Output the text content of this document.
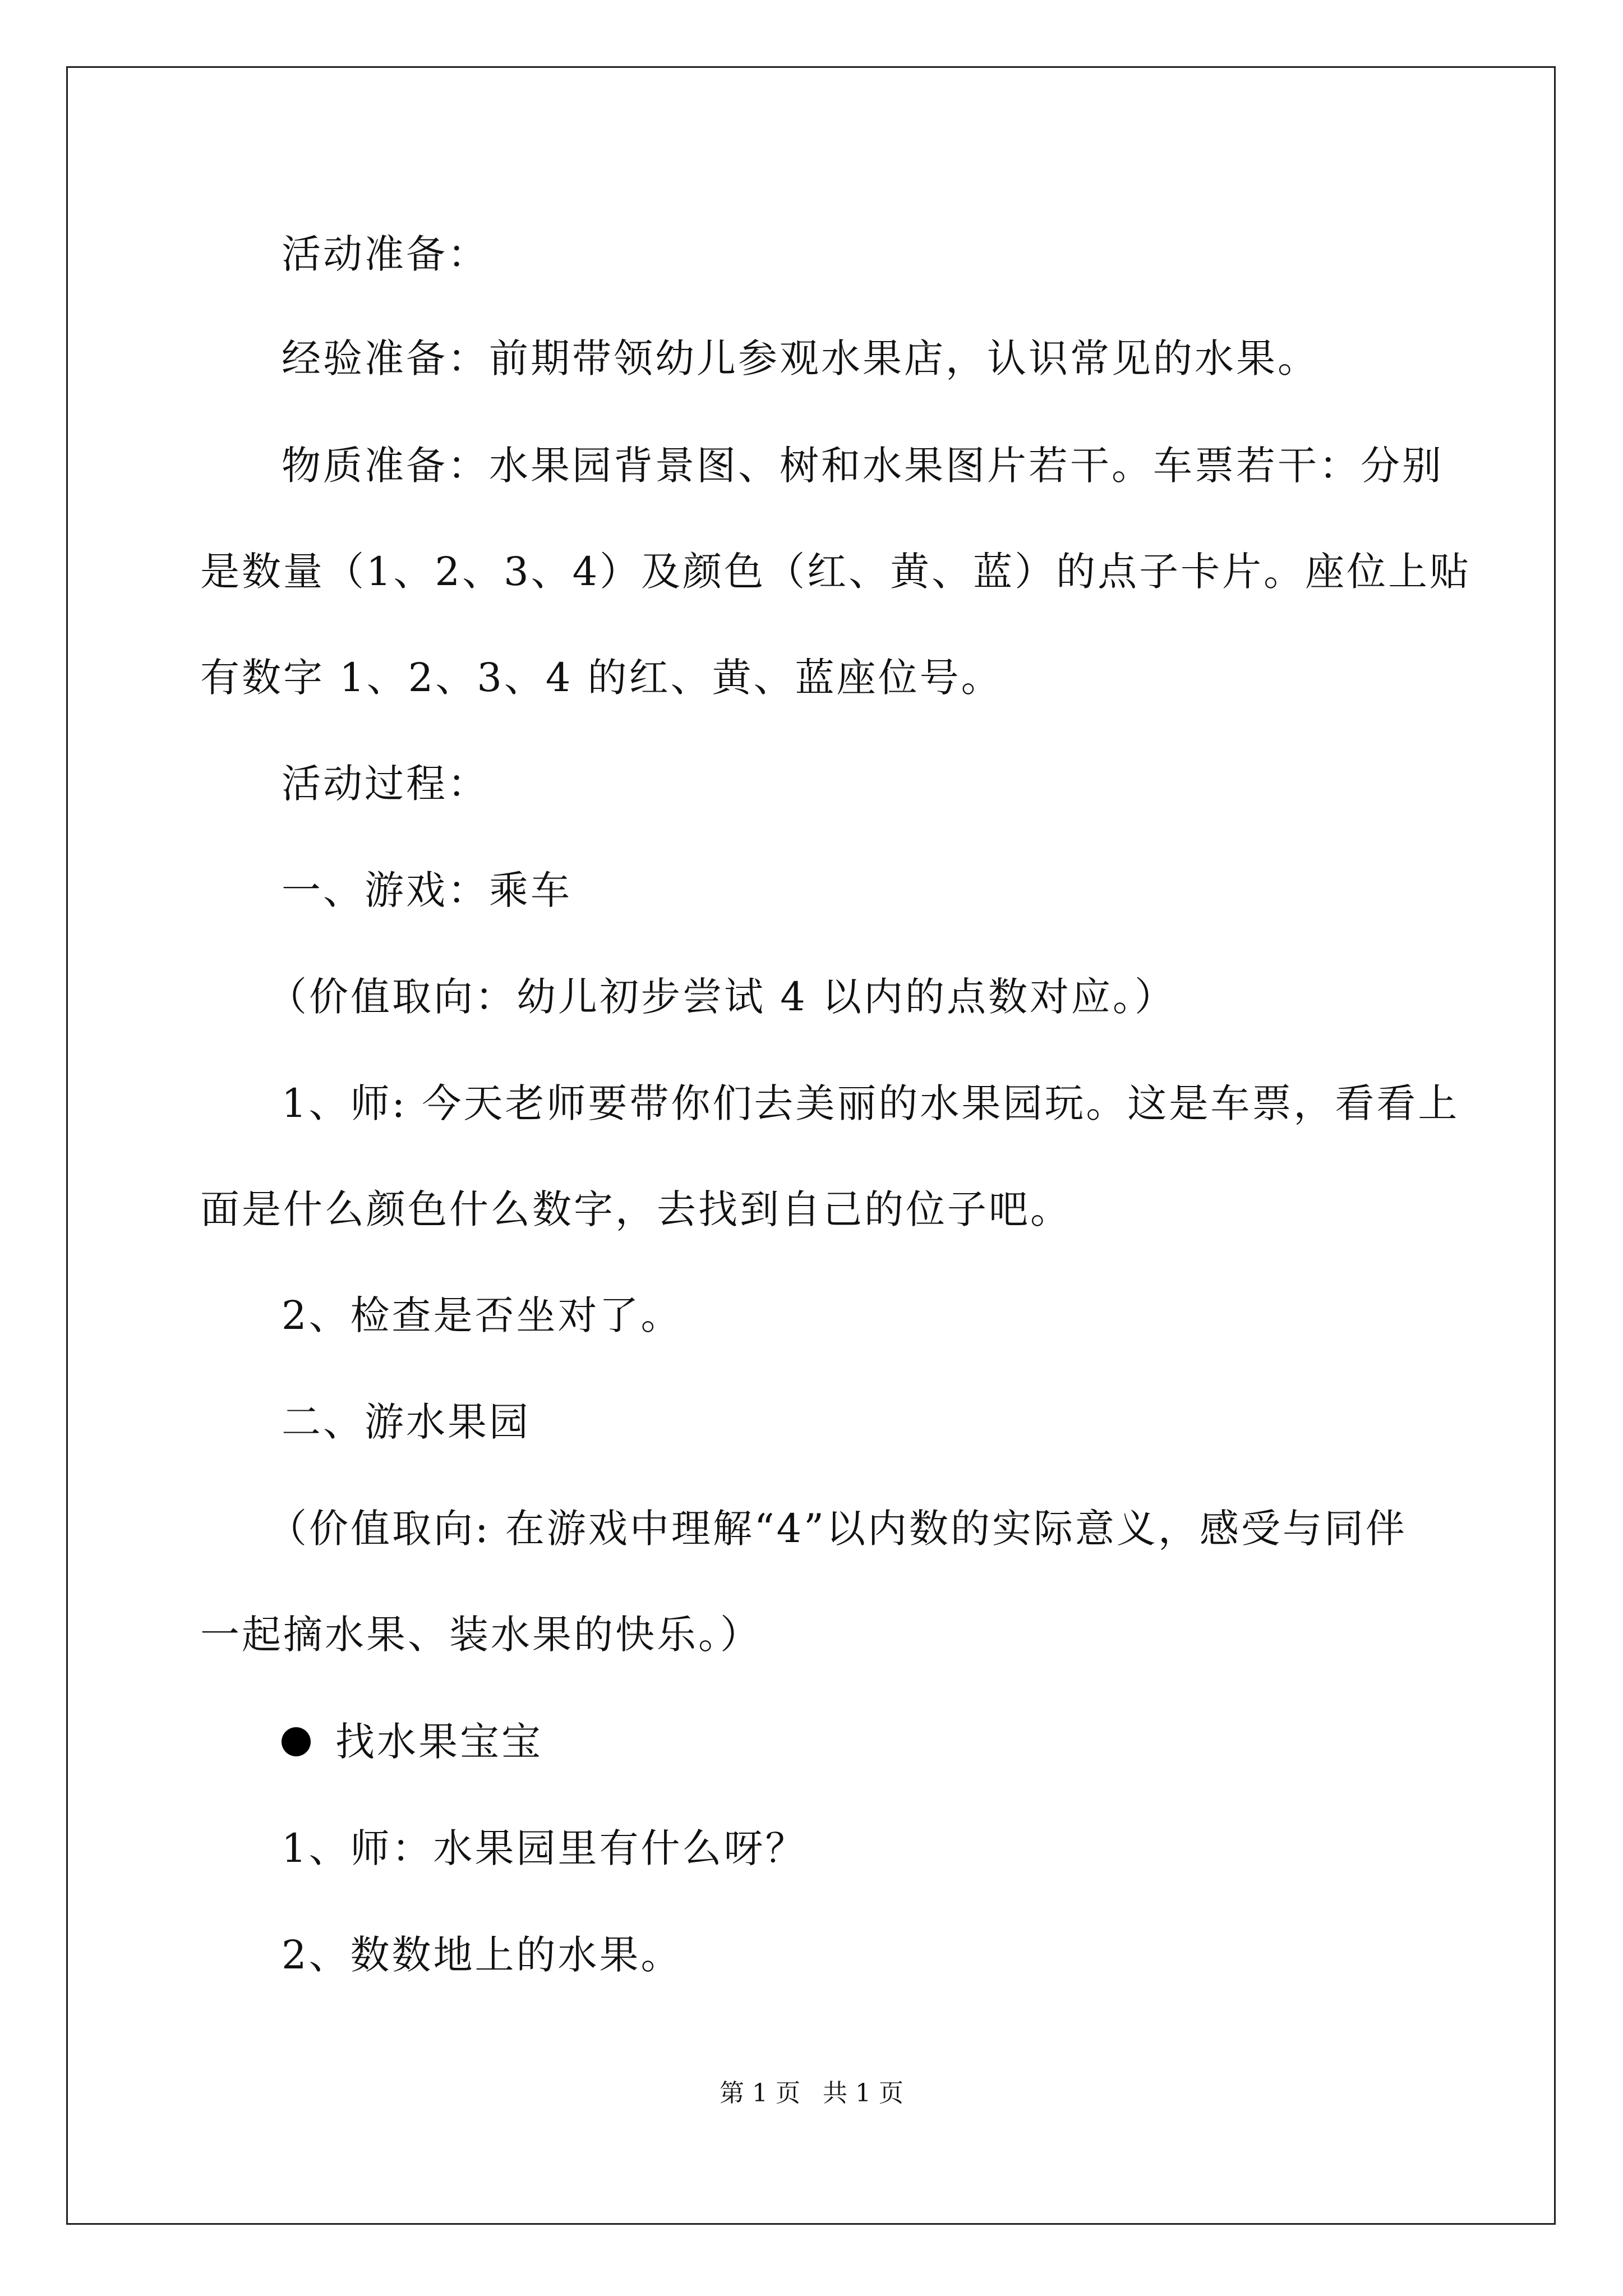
活动准备：
经验准备：前期带领幼儿参观水果店，认识常见的水果。
物质准备：水果园背景图、树和水果图片若干。车票若干：分别
是数量（1、2、3、4）及颜色（红、黄、蓝）的点子卡片。座位上贴
有数字 1、2、3、4 的红、黄、蓝座位号。
活动过程：
一、游戏：乘车
（价值取向：幼儿初步尝试 4 以内的点数对应。）
1、师: 今天老师要带你们去美丽的水果园玩。这是车票，看看上
面是什么颜色什么数字，去找到自己的位子吧。
2、检查是否坐对了。
二、游水果园
（价值取向: 在游戏中理解“4”以内数的实际意义，感受与同伴
一起摘水果、装水果的快乐。）
找水果宝宝
1、师：水果园里有什么呀？
2、数数地上的水果。
第 1 页 共 1 页
